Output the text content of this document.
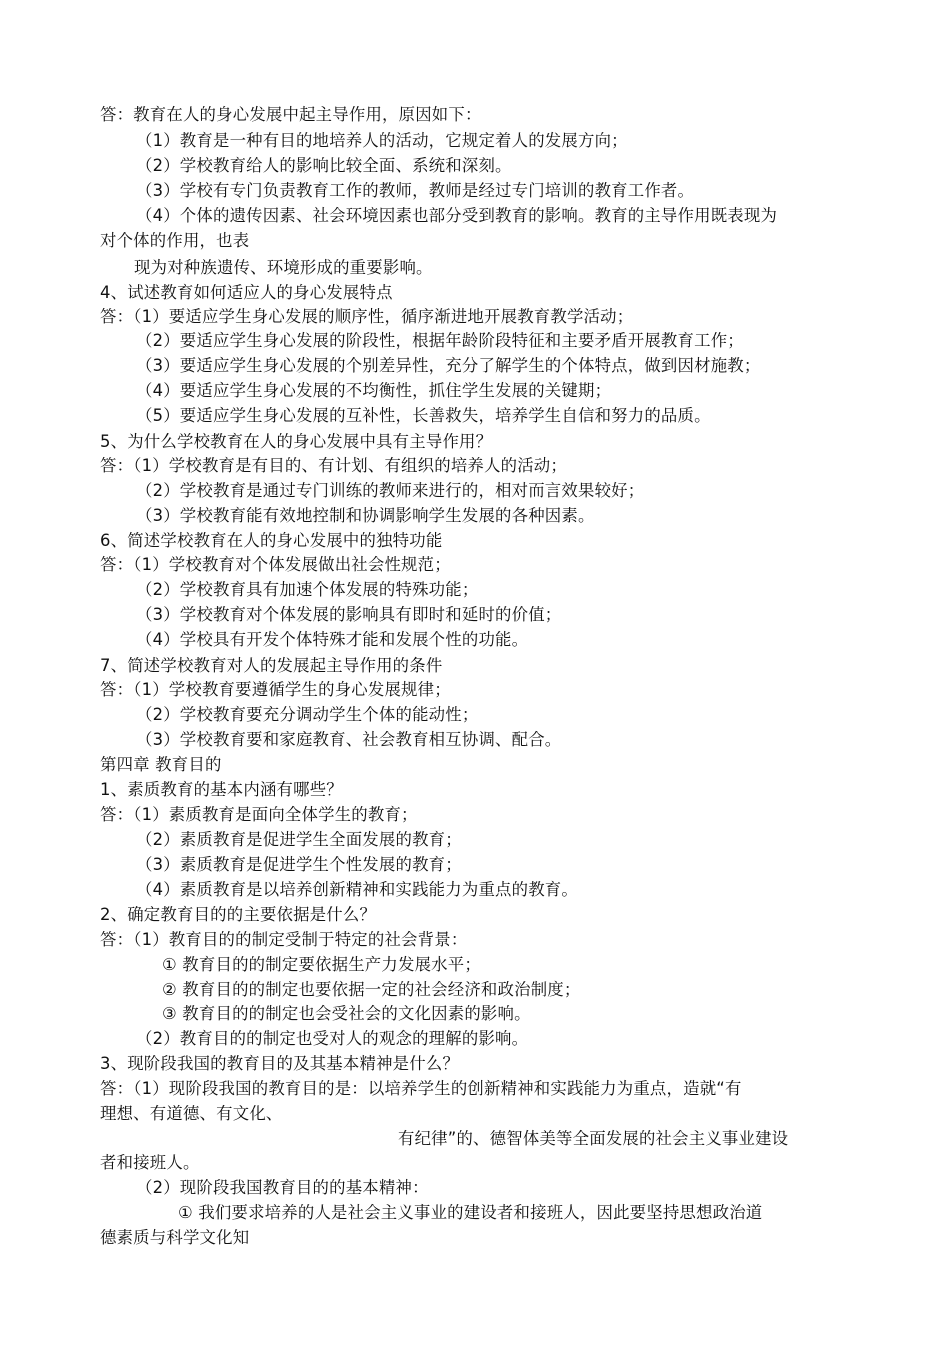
答：教育在人的身心发展中起主导作用，原因如下：
（1）教育是一种有目的地培养人的活动，它规定着人的发展方向；
（2）学校教育给人的影响比较全面、系统和深刻。
（3）学校有专门负责教育工作的教师，教师是经过专门培训的教育工作者。
（4）个体的遗传因素、社会环境因素也部分受到教育的影响。教育的主导作用既表现为
对个体的作用，也表
现为对种族遗传、环境形成的重要影响。
4、试述教育如何适应人的身心发展特点
答：（1）要适应学生身心发展的顺序性，循序渐进地开展教育教学活动；
（2）要适应学生身心发展的阶段性，根据年龄阶段特征和主要矛盾开展教育工作；
（3）要适应学生身心发展的个别差异性，充分了解学生的个体特点，做到因材施教；
（4）要适应学生身心发展的不均衡性，抓住学生发展的关键期；
（5）要适应学生身心发展的互补性，长善救失，培养学生自信和努力的品质。
5、为什么学校教育在人的身心发展中具有主导作用？
答：（1）学校教育是有目的、有计划、有组织的培养人的活动；
（2）学校教育是通过专门训练的教师来进行的，相对而言效果较好；
（3）学校教育能有效地控制和协调影响学生发展的各种因素。
6、简述学校教育在人的身心发展中的独特功能
答：（1）学校教育对个体发展做出社会性规范；
（2）学校教育具有加速个体发展的特殊功能；
（3）学校教育对个体发展的影响具有即时和延时的价值；
（4）学校具有开发个体特殊才能和发展个性的功能。
7、简述学校教育对人的发展起主导作用的条件
答：（1）学校教育要遵循学生的身心发展规律；
（2）学校教育要充分调动学生个体的能动性；
（3）学校教育要和家庭教育、社会教育相互协调、配合。
第四章 教育目的
1、素质教育的基本内涵有哪些？
答：（1）素质教育是面向全体学生的教育；
（2）素质教育是促进学生全面发展的教育；
（3）素质教育是促进学生个性发展的教育；
（4）素质教育是以培养创新精神和实践能力为重点的教育。
2、确定教育目的的主要依据是什么？
答：（1）教育目的的制定受制于特定的社会背景：
① 教育目的的制定要依据生产力发展水平；
② 教育目的的制定也要依据一定的社会经济和政治制度；
③ 教育目的的制定也会受社会的文化因素的影响。
（2）教育目的的制定也受对人的观念的理解的影响。
3、现阶段我国的教育目的及其基本精神是什么？
答：（1）现阶段我国的教育目的是：以培养学生的创新精神和实践能力为重点，造就“有
理想、有道德、有文化、
有纪律”的、德智体美等全面发展的社会主义事业建设
者和接班人。
（2）现阶段我国教育目的的基本精神：
① 我们要求培养的人是社会主义事业的建设者和接班人，因此要坚持思想政治道
德素质与科学文化知
